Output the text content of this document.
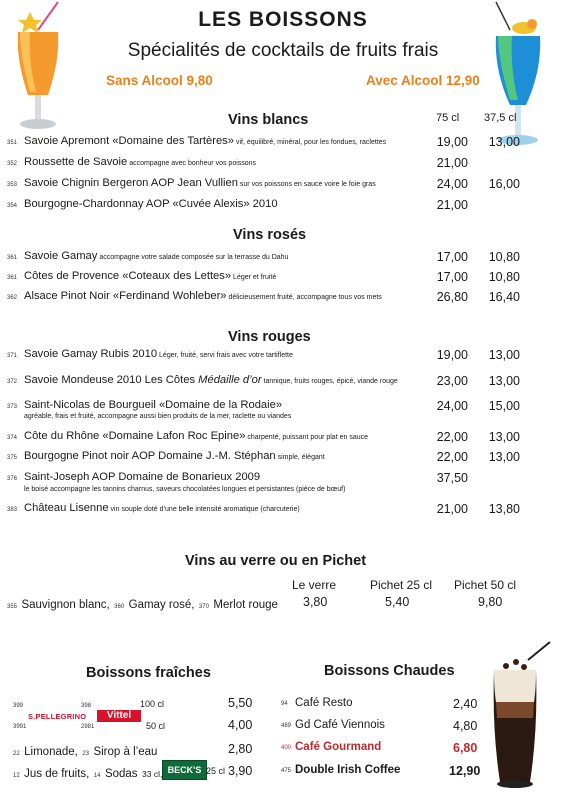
LES BOISSONS
Spécialités de cocktails de fruits frais
Sans Alcool 9,80	Avec Alcool 12,90
Vins blancs	75 cl 37,5 cl
351 Savoie Apremont «Domaine des Tartères» vif, équilibré, minéral, pour les fondues, raclettes	19,00	13,00
352 Roussette de Savoie accompagne avec bonheur vos poissons	21,00
353 Savoie Chignin Bergeron AOP Jean Vullien sur vos poissons en sauce voire le foie gras	24,00	16,00
354 Bourgogne-Chardonnay AOP «Cuvée Alexis» 2010	21,00
Vins rosés
361 Savoie Gamay accompagne votre salade composée sur la terrasse du Dahu	17,00	10,80
361 Côtes de Provence «Coteaux des Lettes» Léger et fruité	17,00	10,80
362 Alsace Pinot Noir «Ferdinand Wohleber» délicieusement fruité, accompagne tous vos mets	26,80	16,40
Vins rouges
371 Savoie Gamay Rubis 2010 Léger, fruité, servi frais avec votre tartiflette	19,00	13,00
372 Savoie Mondeuse 2010 Les Côtes Médaille d’or tannique, fruits rouges, épicé, viande rouge	23,00	13,00
373 Saint-Nicolas de Bourgueil «Domaine de la Rodaie»	24,00	15,00
agréable, frais et fruité, accompagne aussi bien produits de la mer, raclette ou viandes
374 Côte du Rhône «Domaine Lafon Roc Epine» charpenté, puissant pour plat en sauce	22,00	13,00
375 Bourgogne Pinot noir AOP Domaine J.-M. Stéphan simple, élégant	22,00	13,00
376 Saint-Joseph AOP Domaine de Bonarieux 2009	37,50
le boisé accompagne les tannins charnus, saveurs chocolatées longues et persistantes (pièce de bœuf)
383 Château Lisenne vin souple doté d’une belle intensité aromatique (charcuterie)	21,00	13,80
Vins au verre ou en Pichet
Le verre	Pichet 25 cl Pichet 50 cl
355 Sauvignon blanc, 360 Gamay rosé, 370 Merlot rouge 3,80	5,40	9,80
Boissons fraîches
399	398
S.PELLEGRINO	Vittel
100 cl	5,50
3991	2981	50 cl	4,00
22 Limonade, 23 Sirop à l’eau	2,80
12 Jus de fruits, 14 Sodas 33 cl, BECK'S 25 cl 3,90
Boissons Chaudes
94 Café Resto	2,40
489 Gd Café Viennois	4,80
400 Café Gourmand	6,80
475 Double Irish Coffee	12,90
